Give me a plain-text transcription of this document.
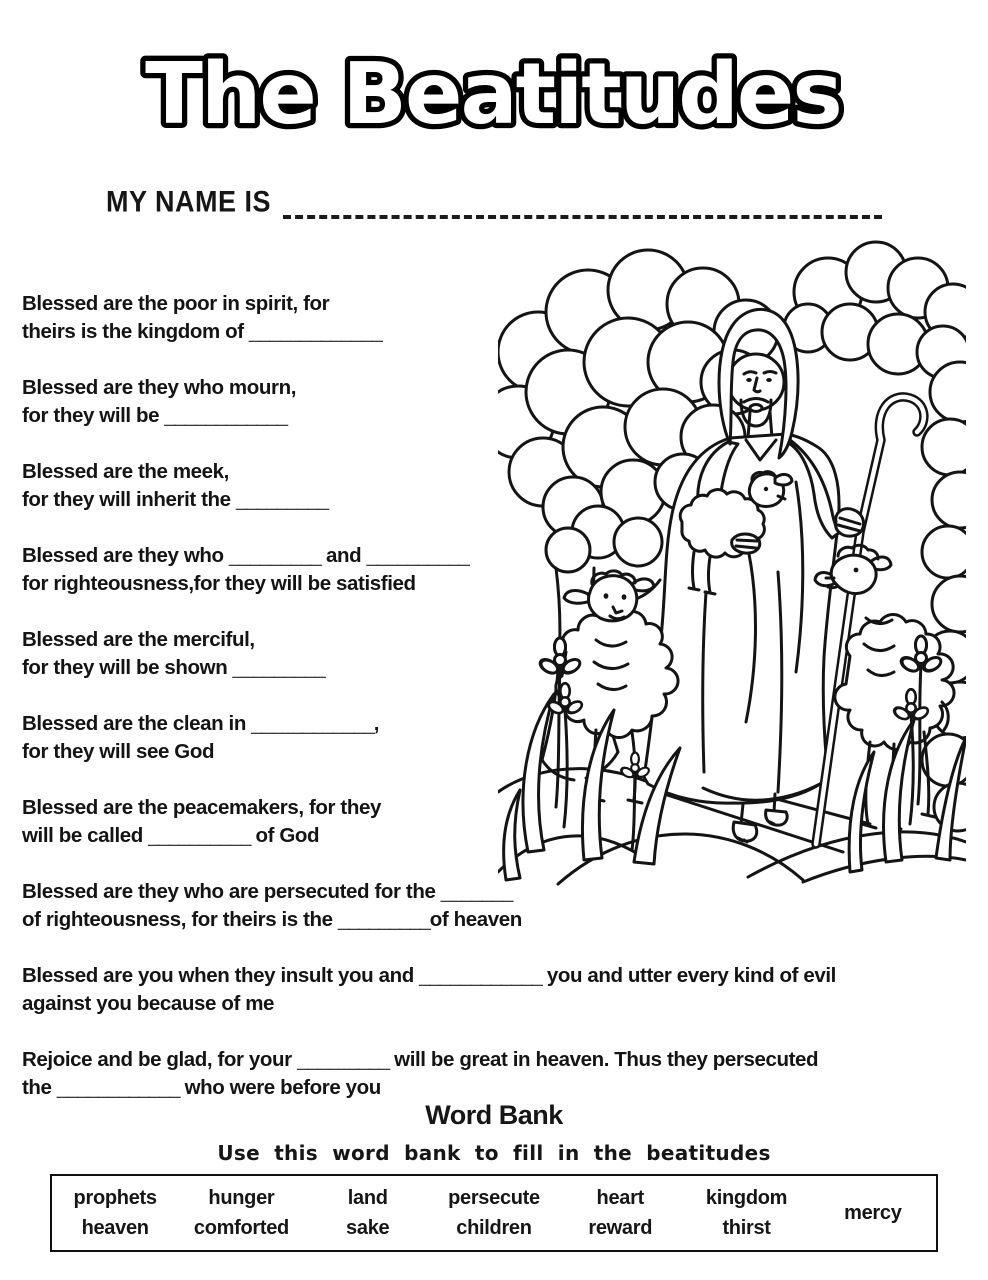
The Beatitudes
MY NAME IS
Blessed are the poor in spirit, for
theirs is the kingdom of _____________
Blessed are they who mourn,
for they will be ____________
Blessed are the meek,
for they will inherit the _________
Blessed are they who _________ and __________
for righteousness,for they will be satisfied
Blessed are the merciful,
for they will be shown _________
Blessed are the clean in ____________,
for they will see God
Blessed are the peacemakers, for they
will be called __________ of God
Blessed are they who are persecuted for the _______
of righteousness, for theirs is the _________of heaven
Blessed are you when they insult you and ____________ you and utter every kind of evil
against you because of me
Rejoice and be glad, for your _________ will be great in heaven. Thus they persecuted
the ____________ who were before you
Word Bank
Use this word bank to fill in the beatitudes
prophets
heaven
hunger
comforted
land
sake
persecute
children
heart
reward
kingdom
thirst
mercy
